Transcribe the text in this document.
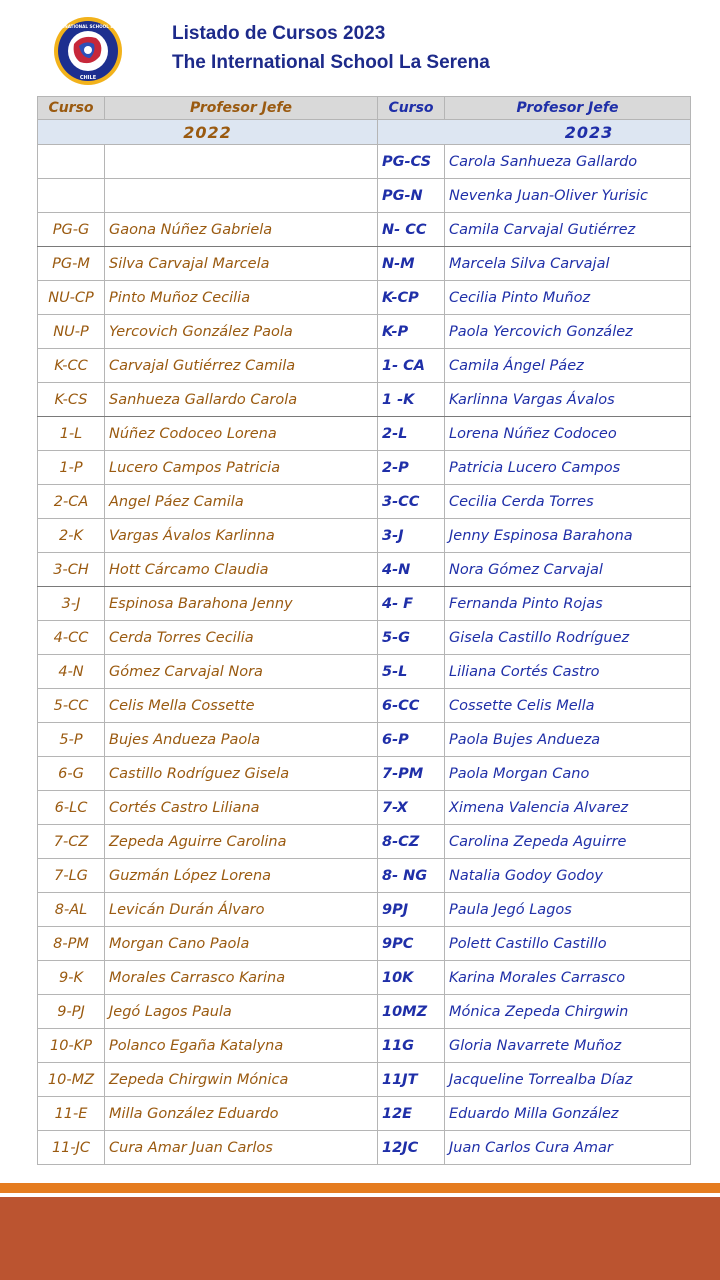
THE INTERNATIONAL SCHOOL LA SERENA
CHILE
Listado de Cursos 2023
The International School La Serena
Curso	Profesor Jefe	Curso	Profesor Jefe
2022		2023	
		PG-CS	Carola Sanhueza Gallardo
		PG-N	Nevenka Juan-Oliver Yurisic
PG-G	Gaona Núñez Gabriela	N- CC	Camila Carvajal Gutiérrez
PG-M	Silva Carvajal Marcela	N-M	Marcela Silva Carvajal
NU-CP	Pinto Muñoz Cecilia	K-CP	Cecilia Pinto Muñoz
NU-P	Yercovich González Paola	K-P	Paola Yercovich González
K-CC	Carvajal Gutiérrez Camila	1- CA	Camila Ángel Páez
K-CS	Sanhueza Gallardo Carola	1 -K	Karlinna Vargas Ávalos
1-L	Núñez Codoceo Lorena	2-L	Lorena Núñez Codoceo
1-P	Lucero Campos Patricia	2-P	Patricia Lucero Campos
2-CA	Angel Páez Camila	3-CC	Cecilia Cerda Torres
2-K	Vargas Ávalos Karlinna	3-J	Jenny Espinosa Barahona
3-CH	Hott Cárcamo Claudia	4-N	Nora Gómez Carvajal
3-J	Espinosa Barahona Jenny	4- F	Fernanda Pinto Rojas
4-CC	Cerda Torres Cecilia	5-G	Gisela Castillo Rodríguez
4-N	Gómez Carvajal Nora	5-L	Liliana Cortés Castro
5-CC	Celis Mella Cossette	6-CC	Cossette Celis Mella
5-P	Bujes Andueza Paola	6-P	Paola Bujes Andueza
6-G	Castillo Rodríguez Gisela	7-PM	Paola Morgan Cano
6-LC	Cortés Castro Liliana	7-X	Ximena Valencia Alvarez
7-CZ	Zepeda Aguirre Carolina	8-CZ	Carolina Zepeda Aguirre
7-LG	Guzmán López Lorena	8- NG	Natalia Godoy Godoy
8-AL	Levicán Durán Álvaro	9PJ	Paula Jegó Lagos
8-PM	Morgan Cano Paola	9PC	Polett Castillo Castillo
9-K	Morales Carrasco Karina	10K	Karina Morales Carrasco
9-PJ	Jegó Lagos Paula	10MZ	Mónica Zepeda Chirgwin
10-KP	Polanco Egaña Katalyna	11G	Gloria Navarrete Muñoz
10-MZ	Zepeda Chirgwin Mónica	11JT	Jacqueline Torrealba Díaz
11-E	Milla González Eduardo	12E	Eduardo Milla González
11-JC	Cura Amar Juan Carlos	12JC	Juan Carlos Cura Amar
